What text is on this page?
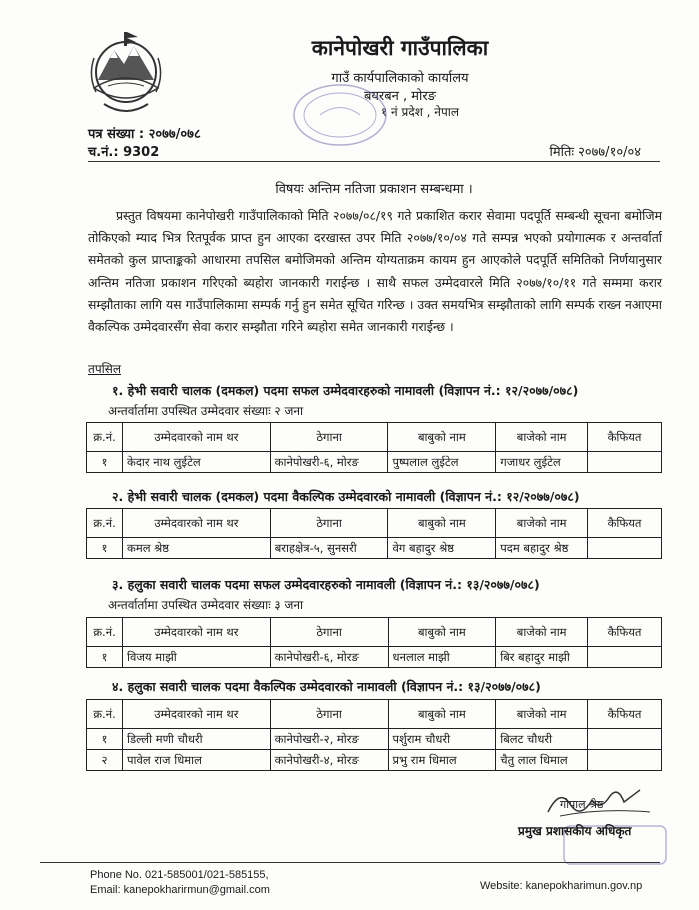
कानेपोखरी गाउँपालिका
गाउँ कार्यपालिकाको कार्यालय
बयरबन , मोरङ
१ नं प्रदेश , नेपाल
पत्र संख्या : २०७७/०७८
च.नं.: 9302	मितिः २०७७/१०/०४
विषयः अन्तिम नतिजा प्रकाशन सम्बन्धमा ।
प्रस्तुत विषयमा कानेपोखरी गाउँपालिकाको मिति २०७७/०८/१९ गते प्रकाशित करार सेवामा पदपूर्ति सम्बन्धी सूचना बमोजिम तोकिएको म्याद भित्र रितपूर्वक प्राप्त हुन आएका दरखास्त उपर मिति २०७७/१०/०४ गते सम्पन्न भएको प्रयोगात्मक र अन्तर्वार्ता समेतको कुल प्राप्ताङ्कको आधारमा तपसिल बमोजिमको अन्तिम योग्यताक्रम कायम हुन आएकोले पदपूर्ति समितिको निर्णयानुसार अन्तिम नतिजा प्रकाशन गरिएको ब्यहोरा जानकारी गराईन्छ । साथै सफल उम्मेदवारले मिति २०७७/१०/११ गते सम्ममा करार सम्झौताका लागि यस गाउँपालिकामा सम्पर्क गर्नु हुन समेत सूचित गरिन्छ । उक्त समयभित्र सम्झौताको लागि सम्पर्क राख्न नआएमा वैकल्पिक उम्मेदवारसँग सेवा करार सम्झौता गरिने ब्यहोरा समेत जानकारी गराईन्छ ।
तपसिल
१. हेभी सवारी चालक (दमकल) पदमा सफल उम्मेदवारहरुको नामावली (विज्ञापन नं.: १२/२०७७/०७८)
अन्तर्वार्तामा उपस्थित उम्मेदवार संख्याः २ जना
क्र.नं.	उम्मेदवारको नाम थर	ठेगाना	बाबुको नाम	बाजेको नाम	कैफियत
१	केदार नाथ लुईटेल	कानेपोखरी-६, मोरङ	पुष्पलाल लुईटेल	गजाधर लुईटेल	
२. हेभी सवारी चालक (दमकल) पदमा वैकल्पिक उम्मेदवारको नामावली (विज्ञापन नं.: १२/२०७७/०७८)
क्र.नं.	उम्मेदवारको नाम थर	ठेगाना	बाबुको नाम	बाजेको नाम	कैफियत
१	कमल श्रेष्ठ	बराहक्षेत्र-५, सुनसरी	वेग बहादुर श्रेष्ठ	पदम बहादुर श्रेष्ठ	
३. हलुका सवारी चालक पदमा सफल उम्मेदवारहरुको नामावली (विज्ञापन नं.: १३/२०७७/०७८)
अन्तर्वार्तामा उपस्थित उम्मेदवार संख्याः ३ जना
क्र.नं.	उम्मेदवारको नाम थर	ठेगाना	बाबुको नाम	बाजेको नाम	कैफियत
१	विजय माझी	कानेपोखरी-६, मोरङ	धनलाल माझी	बिर बहादुर माझी	
४. हलुका सवारी चालक पदमा वैकल्पिक उम्मेदवारको नामावली (विज्ञापन नं.: १३/२०७७/०७८)
क्र.नं.	उम्मेदवारको नाम थर	ठेगाना	बाबुको नाम	बाजेको नाम	कैफियत
१	डिल्ली मणी चौधरी	कानेपोखरी-२, मोरङ	पर्शुराम चौधरी	बिलट चौधरी	
२	पावेल राज धिमाल	कानेपोखरी-४, मोरङ	प्रभु राम धिमाल	चैतु लाल धिमाल	
गोपाल श्रेष्ठ
प्रमुख प्रशासकीय अधिकृत
Phone No. 021-585001/021-585155,
Email: kanepokharirmun@gmail.com	Website: kanepokharimun.gov.np
